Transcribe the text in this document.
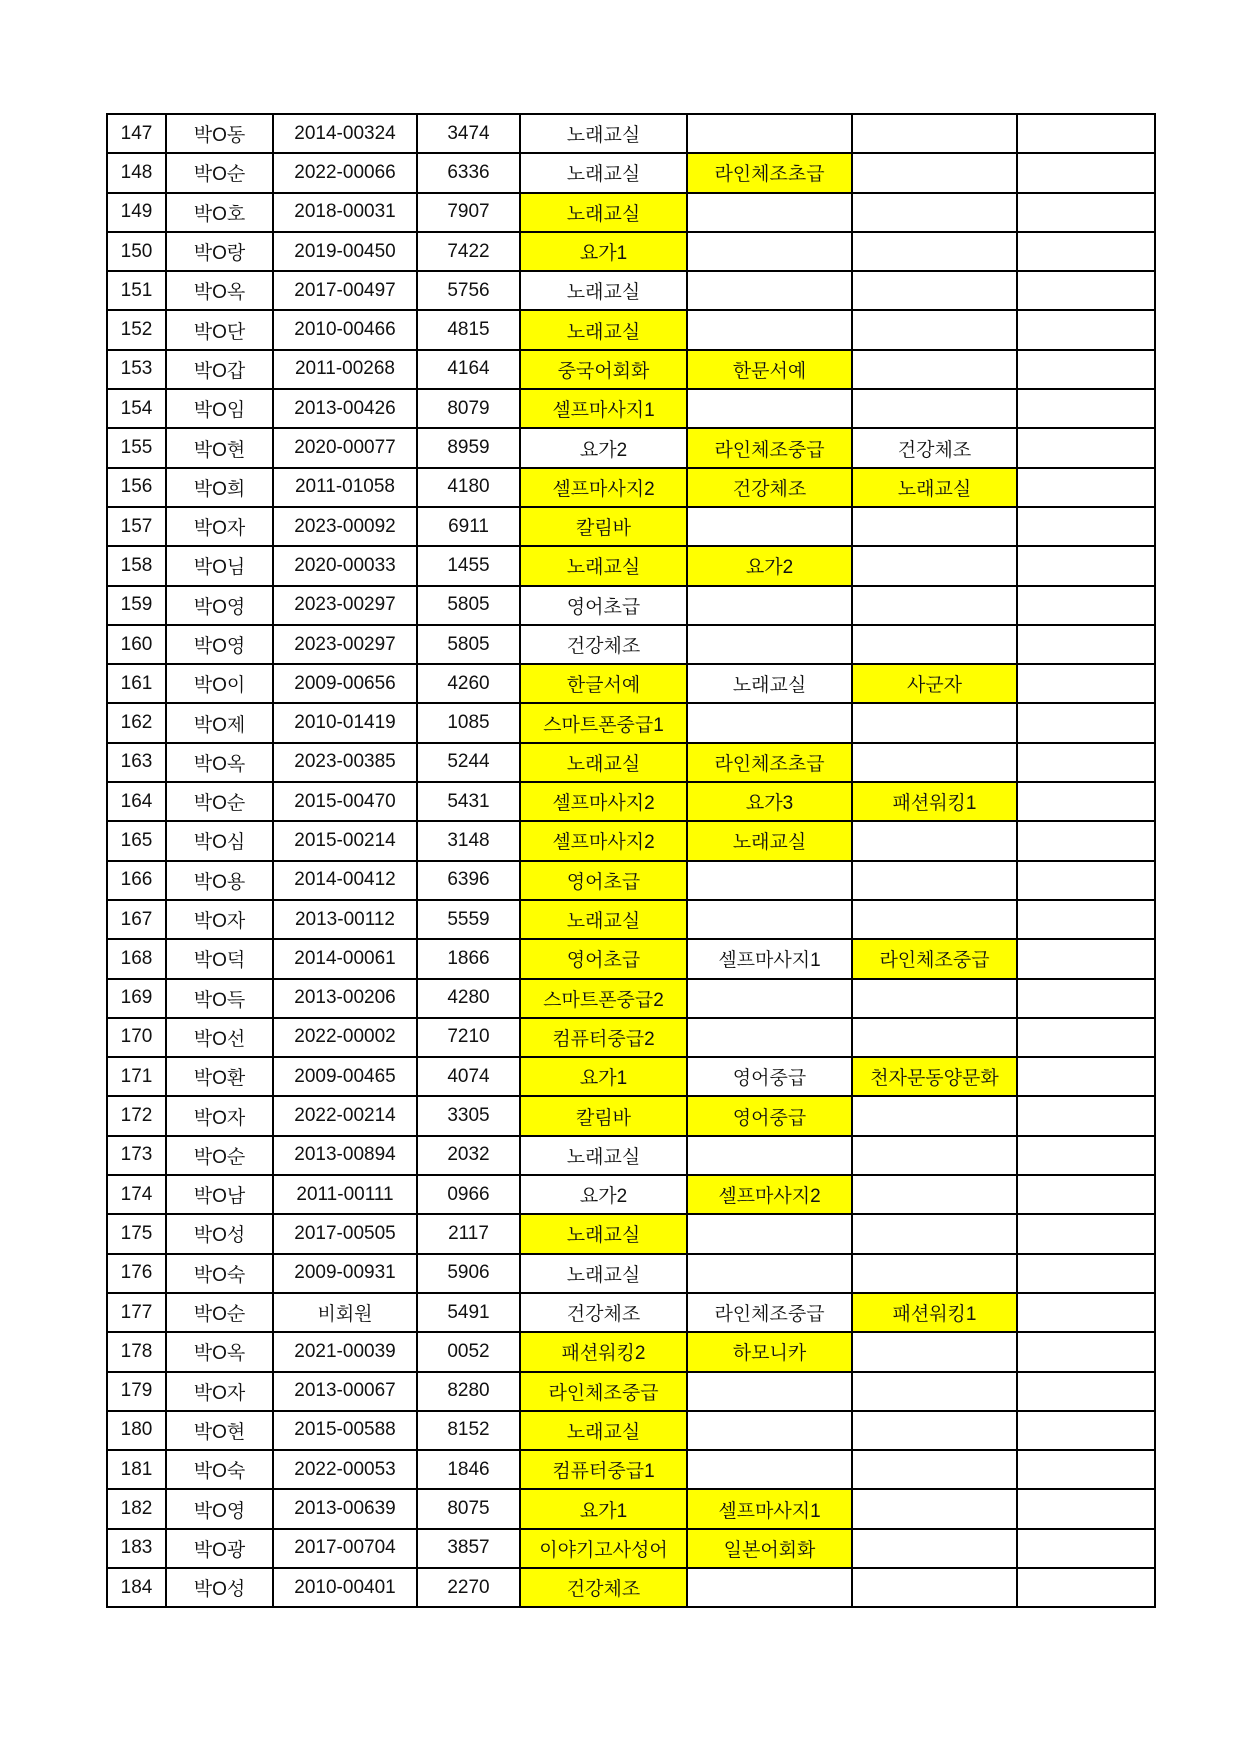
147	박O동	2014-00324	3474	노래교실			
148	박O순	2022-00066	6336	노래교실	라인체조초급		
149	박O호	2018-00031	7907	노래교실			
150	박O랑	2019-00450	7422	요가1			
151	박O옥	2017-00497	5756	노래교실			
152	박O단	2010-00466	4815	노래교실			
153	박O갑	2011-00268	4164	중국어회화	한문서예		
154	박O임	2013-00426	8079	셀프마사지1			
155	박O현	2020-00077	8959	요가2	라인체조중급	건강체조	
156	박O희	2011-01058	4180	셀프마사지2	건강체조	노래교실	
157	박O자	2023-00092	6911	칼림바			
158	박O님	2020-00033	1455	노래교실	요가2		
159	박O영	2023-00297	5805	영어초급			
160	박O영	2023-00297	5805	건강체조			
161	박O이	2009-00656	4260	한글서예	노래교실	사군자	
162	박O제	2010-01419	1085	스마트폰중급1			
163	박O옥	2023-00385	5244	노래교실	라인체조초급		
164	박O순	2015-00470	5431	셀프마사지2	요가3	패션워킹1	
165	박O심	2015-00214	3148	셀프마사지2	노래교실		
166	박O용	2014-00412	6396	영어초급			
167	박O자	2013-00112	5559	노래교실			
168	박O덕	2014-00061	1866	영어초급	셀프마사지1	라인체조중급	
169	박O득	2013-00206	4280	스마트폰중급2			
170	박O선	2022-00002	7210	컴퓨터중급2			
171	박O환	2009-00465	4074	요가1	영어중급	천자문동양문화	
172	박O자	2022-00214	3305	칼림바	영어중급		
173	박O순	2013-00894	2032	노래교실			
174	박O남	2011-00111	0966	요가2	셀프마사지2		
175	박O성	2017-00505	2117	노래교실			
176	박O숙	2009-00931	5906	노래교실			
177	박O순	비회원	5491	건강체조	라인체조중급	패션워킹1	
178	박O옥	2021-00039	0052	패션워킹2	하모니카		
179	박O자	2013-00067	8280	라인체조중급			
180	박O현	2015-00588	8152	노래교실			
181	박O숙	2022-00053	1846	컴퓨터중급1			
182	박O영	2013-00639	8075	요가1	셀프마사지1		
183	박O광	2017-00704	3857	이야기고사성어	일본어회화		
184	박O성	2010-00401	2270	건강체조			
